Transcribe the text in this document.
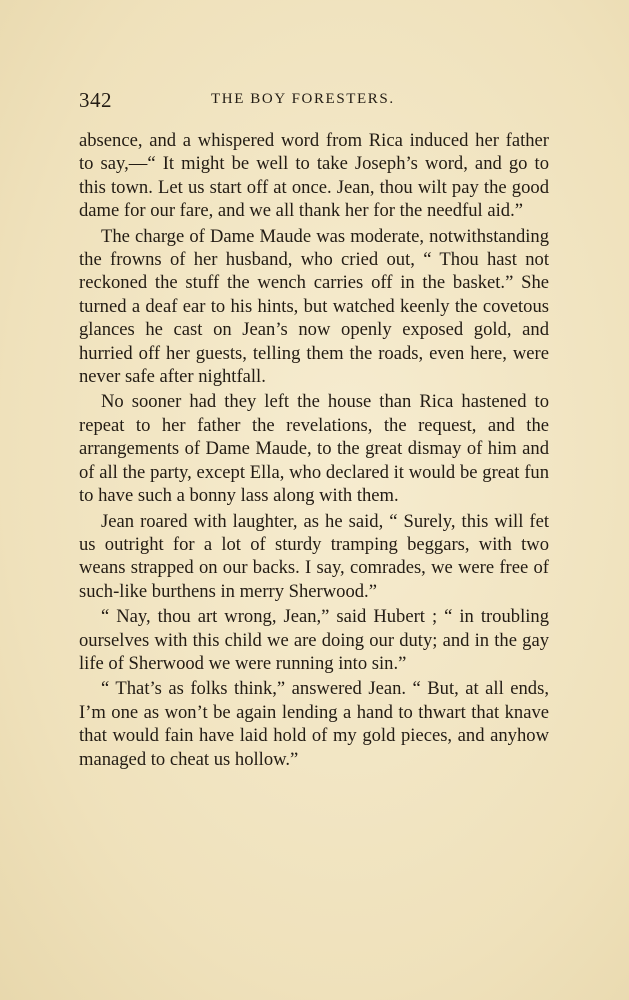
342	THE BOY FORESTERS.

absence, and a whispered word from Rica induced her father to say,—“ It might be well to take Joseph’s word, and go to this town. Let us start off at once. Jean, thou wilt pay the good dame for our fare, and we all thank her for the needful aid.”

The charge of Dame Maude was moderate, notwithstanding the frowns of her husband, who cried out, “ Thou hast not reckoned the stuff the wench carries off in the basket.” She turned a deaf ear to his hints, but watched keenly the covetous glances he cast on Jean’s now openly exposed gold, and hurried off her guests, telling them the roads, even here, were never safe after nightfall.

No sooner had they left the house than Rica hastened to repeat to her father the revelations, the request, and the arrangements of Dame Maude, to the great dismay of him and of all the party, except Ella, who declared it would be great fun to have such a bonny lass along with them.

Jean roared with laughter, as he said, “ Surely, this will fet us outright for a lot of sturdy tramping beggars, with two weans strapped on our backs. I say, comrades, we were free of such-like burthens in merry Sherwood.”

“ Nay, thou art wrong, Jean,” said Hubert ; “ in troubling ourselves with this child we are doing our duty; and in the gay life of Sherwood we were running into sin.”

“ That’s as folks think,” answered Jean. “ But, at all ends, I’m one as won’t be again lending a hand to thwart that knave that would fain have laid hold of my gold pieces, and anyhow managed to cheat us hollow.”
